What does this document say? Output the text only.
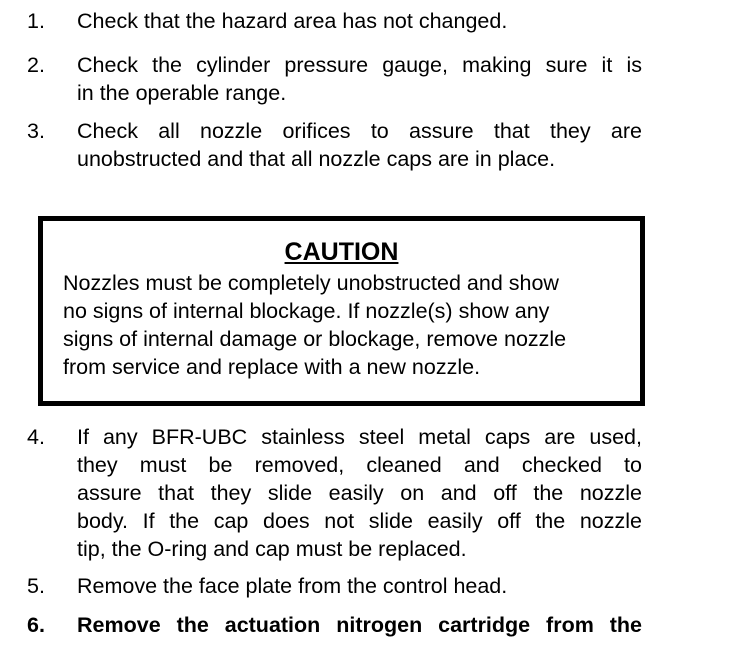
1.	Check that the hazard area has not changed.
2.	Check the cylinder pressure gauge, making sure it is
in the operable range.
3.	Check all nozzle orifices to assure that they are
unobstructed and that all nozzle caps are in place.
CAUTION
Nozzles must be completely unobstructed and show
no signs of internal blockage. If nozzle(s) show any
signs of internal damage or blockage, remove nozzle
from service and replace with a new nozzle.
4.	If any BFR-UBC stainless steel metal caps are used,
they must be removed, cleaned and checked to
assure that they slide easily on and off the nozzle
body. If the cap does not slide easily off the nozzle
tip, the O-ring and cap must be replaced.
5.	Remove the face plate from the control head.
6.	Remove the actuation nitrogen cartridge from the
